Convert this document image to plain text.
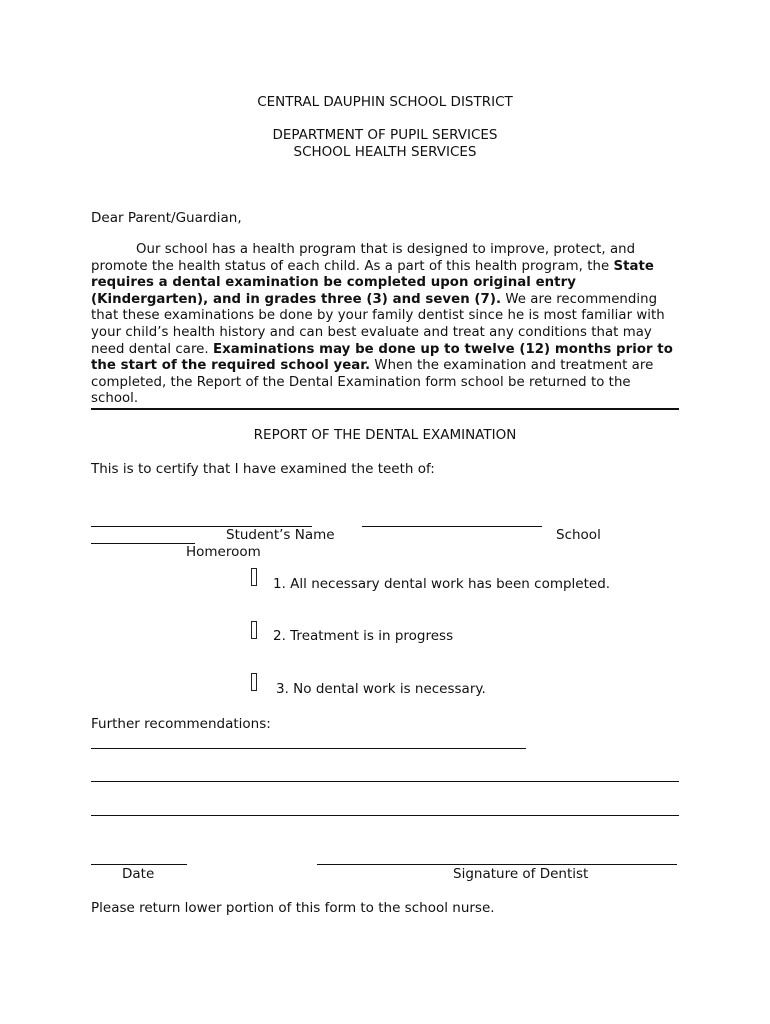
CENTRAL DAUPHIN SCHOOL DISTRICT
DEPARTMENT OF PUPIL SERVICES
SCHOOL HEALTH SERVICES
Dear Parent/Guardian,
Our school has a health program that is designed to improve, protect, and promote the health status of each child. As a part of this health program, the State requires a dental examination be completed upon original entry (Kindergarten), and in grades three (3) and seven (7). We are recommending that these examinations be done by your family dentist since he is most familiar with your child’s health history and can best evaluate and treat any conditions that may need dental care. Examinations may be done up to twelve (12) months prior to the start of the required school year. When the examination and treatment are completed, the Report of the Dental Examination form school be returned to the school.
REPORT OF THE DENTAL EXAMINATION
This is to certify that I have examined the teeth of:
Student’s Name	School
Homeroom
1. All necessary dental work has been completed.
2. Treatment is in progress
3. No dental work is necessary.
Further recommendations:
Date	Signature of Dentist
Please return lower portion of this form to the school nurse.
